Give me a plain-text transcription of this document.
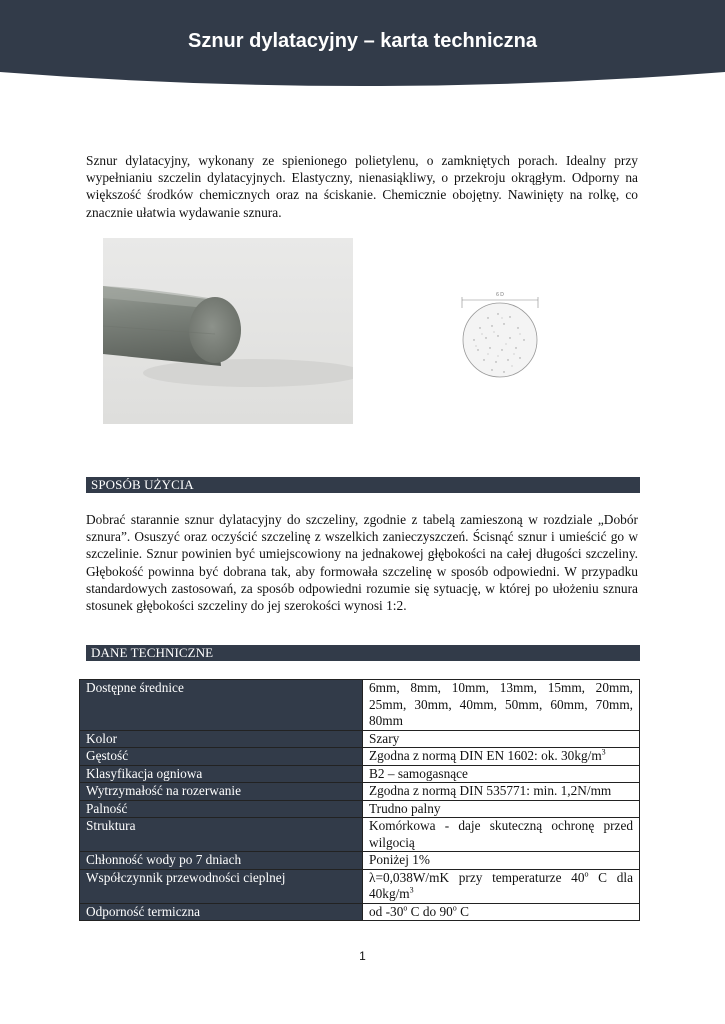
Sznur dylatacyjny – karta techniczna

Sznur dylatacyjny, wykonany ze spienionego polietylenu, o zamkniętych porach. Idealny przy wypełnianiu szczelin dylatacyjnych. Elastyczny, nienasiąkliwy, o przekroju okrągłym. Odporny na większość środków chemicznych oraz na ściskanie. Chemicznie obojętny. Nawinięty na rolkę, co znacznie ułatwia wydawanie sznura.

6 D
SPOSÓB UŻYCIA

Dobrać starannie sznur dylatacyjny do szczeliny, zgodnie z tabelą zamieszoną w rozdziale „Dobór sznura”. Osuszyć oraz oczyścić szczelinę z wszelkich zanieczyszczeń. Ścisnąć sznur i umieścić go w szczelinie. Sznur powinien być umiejscowiony na jednakowej głębokości na całej długości szczeliny. Głębokość powinna być dobrana tak, aby formowała szczelinę w sposób odpowiedni. W przypadku standardowych zastosowań, za sposób odpowiedni rozumie się sytuację, w której po ułożeniu sznura stosunek głębokości szczeliny do jej szerokości wynosi 1:2.

DANE TECHNICZNE
Dostępne średnice	6mm, 8mm, 10mm, 13mm, 15mm, 20mm, 25mm, 30mm, 40mm, 50mm, 60mm, 70mm, 80mm
Kolor	Szary
Gęstość	Zgodna z normą DIN EN 1602: ok. $30kg/m^3$
Klasyfikacja ogniowa	B2 – samogasnące
Wytrzymałość na rozerwanie	Zgodna z normą DIN 535771: min. 1,2N/mm
Palność	Trudno palny
Struktura	Komórkowa - daje skuteczną ochronę przed wilgocią
Chłonność wody po 7 dniach	Poniżej 1%
Współczynnik przewodności cieplnej	λ=0,038W/mK przy temperaturze 40$^o$ C dla $40kg/m^3$
Odporność termiczna	od -30$^o$ C do 90$^o$ C
1
